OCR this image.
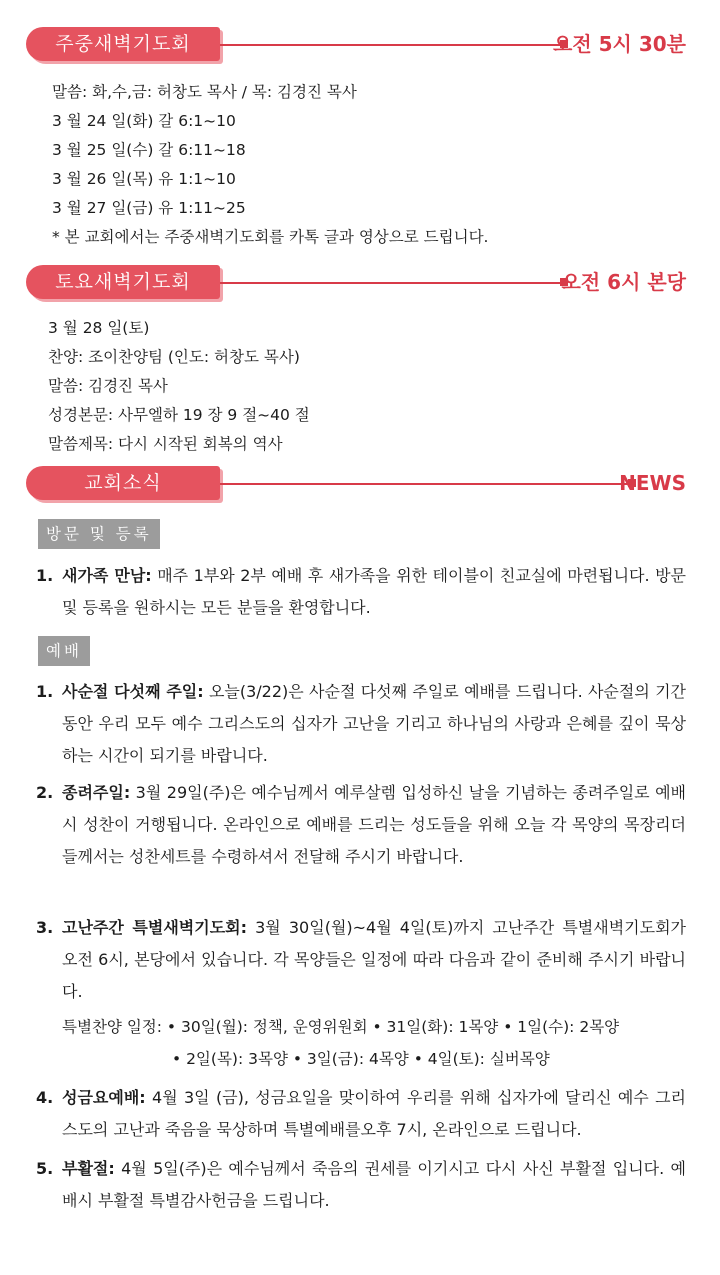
주중새벽기도회	오전 5시 30분
말씀: 화,수,금: 허창도 목사 / 목: 김경진 목사
3 월 24 일(화) 갈 6:1~10
3 월 25 일(수) 갈 6:11~18
3 월 26 일(목) 유 1:1~10
3 월 27 일(금) 유 1:11~25
* 본 교회에서는 주중새벽기도회를 카톡 글과 영상으로 드립니다.
토요새벽기도회	오전 6시 본당
3 월 28 일(토)
찬양: 조이찬양팀 (인도: 허창도 목사)
말씀: 김경진 목사
성경본문: 사무엘하 19 장 9 절~40 절
말씀제목: 다시 시작된 회복의 역사
교회소식	NEWS
방문 및 등록
1. 새가족 만남: 매주 1부와 2부 예배 후 새가족을 위한 테이블이 친교실에 마련됩니다. 방문 및 등록을 원하시는 모든 분들을 환영합니다.
예배
1. 사순절 다섯째 주일: 오늘(3/22)은 사순절 다섯째 주일로 예배를 드립니다. 사순절의 기간 동안 우리 모두 예수 그리스도의 십자가 고난을 기리고 하나님의 사랑과 은혜를 깊이 묵상하는 시간이 되기를 바랍니다.
2. 종려주일: 3월 29일(주)은 예수님께서 예루살렘 입성하신 날을 기념하는 종려주일로 예배 시 성찬이 거행됩니다. 온라인으로 예배를 드리는 성도들을 위해 오늘 각 목양의 목장리더들께서는 성찬세트를 수령하셔서 전달해 주시기 바랍니다.
3. 고난주간 특별새벽기도회: 3월 30일(월)~4월 4일(토)까지 고난주간 특별새벽기도회가 오전 6시, 본당에서 있습니다. 각 목양들은 일정에 따라 다음과 같이 준비해 주시기 바랍니다.
특별찬양 일정: • 30일(월): 정책, 운영위원회 • 31일(화): 1목양 • 1일(수): 2목양
• 2일(목): 3목양 • 3일(금): 4목양 • 4일(토): 실버목양
4. 성금요예배: 4월 3일 (금), 성금요일을 맞이하여 우리를 위해 십자가에 달리신 예수 그리스도의 고난과 죽음을 묵상하며 특별예배를오후 7시, 온라인으로 드립니다.
5. 부활절: 4월 5일(주)은 예수님께서 죽음의 권세를 이기시고 다시 사신 부활절 입니다. 예배시 부활절 특별감사헌금을 드립니다.
